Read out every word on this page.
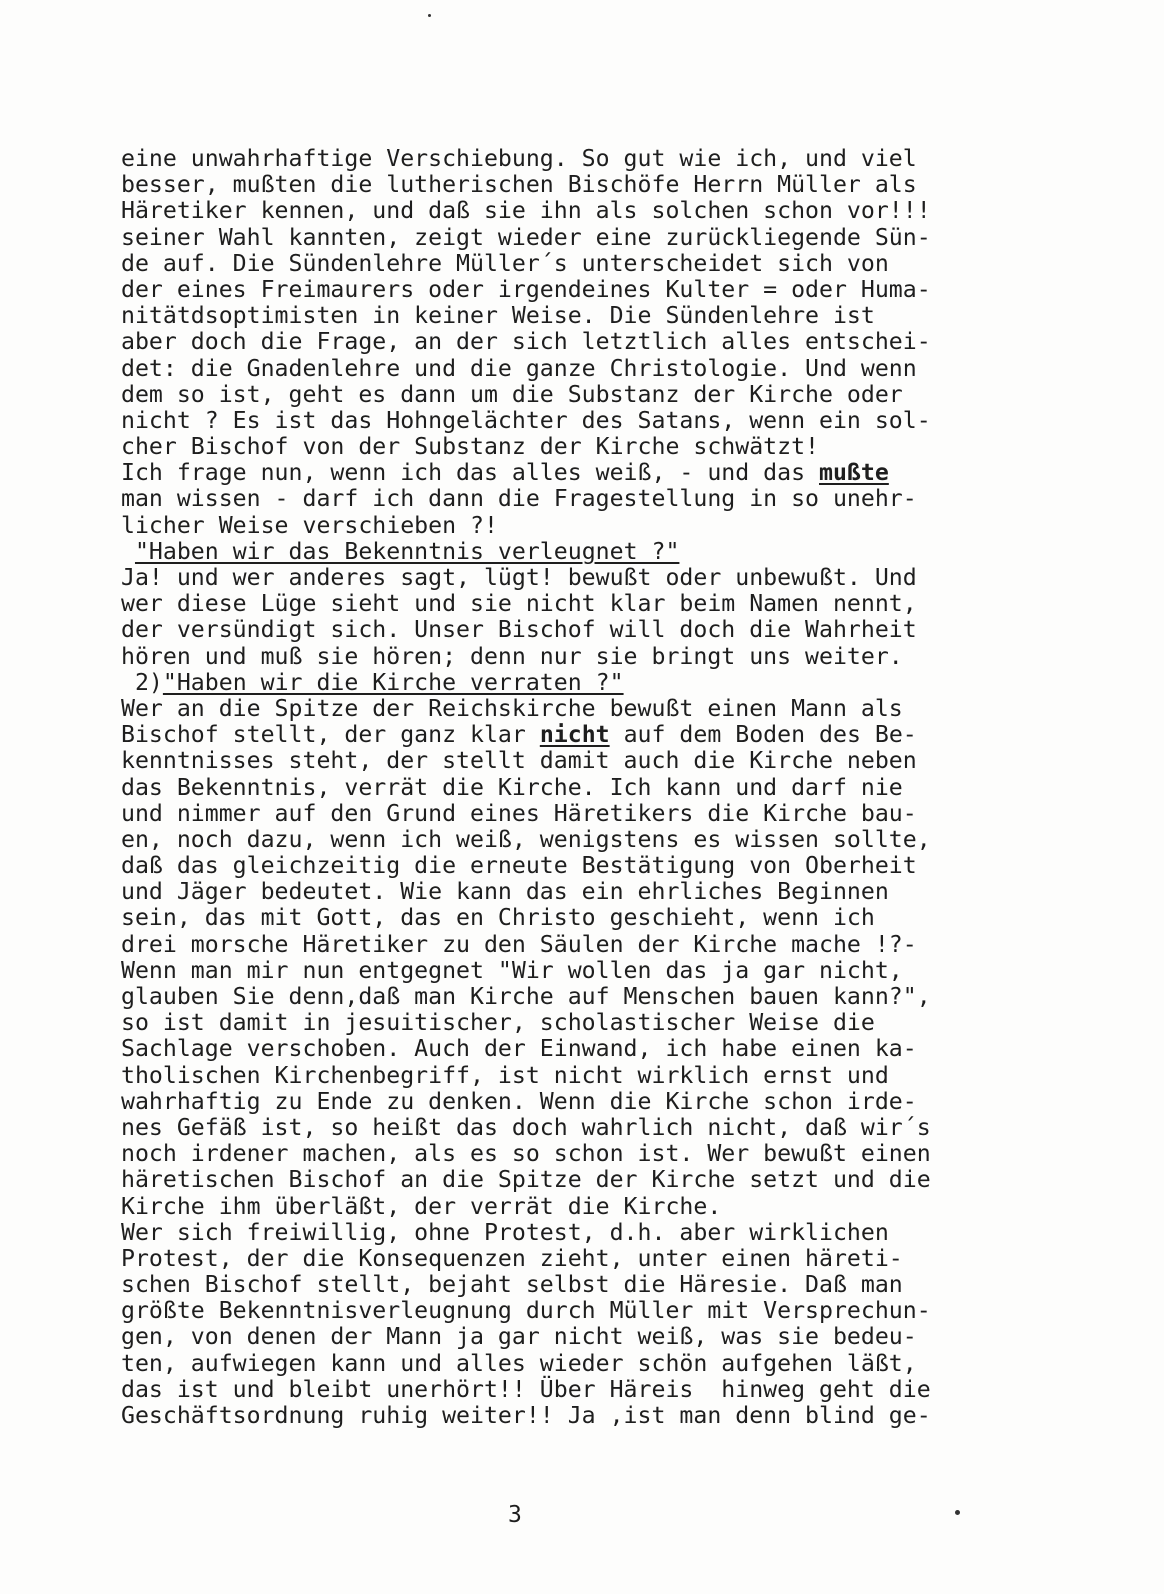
eine unwahrhaftige Verschiebung. So gut wie ich, und viel
besser, mußten die lutherischen Bischöfe Herrn Müller als
Häretiker kennen, und daß sie ihn als solchen schon vor!!!
seiner Wahl kannten, zeigt wieder eine zurückliegende Sün-
de auf. Die Sündenlehre Müller´s unterscheidet sich von
der eines Freimaurers oder irgendeines Kulter = oder Huma-
nitätdsoptimisten in keiner Weise. Die Sündenlehre ist
aber doch die Frage, an der sich letztlich alles entschei-
det: die Gnadenlehre und die ganze Christologie. Und wenn
dem so ist, geht es dann um die Substanz der Kirche oder
nicht ? Es ist das Hohngelächter des Satans, wenn ein sol-
cher Bischof von der Substanz der Kirche schwätzt!
Ich frage nun, wenn ich das alles weiß, - und das mußte
man wissen - darf ich dann die Fragestellung in so unehr-
licher Weise verschieben ?!
"Haben wir das Bekenntnis verleugnet ?"
Ja! und wer anderes sagt, lügt! bewußt oder unbewußt. Und
wer diese Lüge sieht und sie nicht klar beim Namen nennt,
der versündigt sich. Unser Bischof will doch die Wahrheit
hören und muß sie hören; denn nur sie bringt uns weiter.
2)"Haben wir die Kirche verraten ?"
Wer an die Spitze der Reichskirche bewußt einen Mann als
Bischof stellt, der ganz klar nicht auf dem Boden des Be-
kenntnisses steht, der stellt damit auch die Kirche neben
das Bekenntnis, verrät die Kirche. Ich kann und darf nie
und nimmer auf den Grund eines Häretikers die Kirche bau-
en, noch dazu, wenn ich weiß, wenigstens es wissen sollte,
daß das gleichzeitig die erneute Bestätigung von Oberheit
und Jäger bedeutet. Wie kann das ein ehrliches Beginnen
sein, das mit Gott, das en Christo geschieht, wenn ich
drei morsche Häretiker zu den Säulen der Kirche mache !?-
Wenn man mir nun entgegnet "Wir wollen das ja gar nicht,
glauben Sie denn,daß man Kirche auf Menschen bauen kann?",
so ist damit in jesuitischer, scholastischer Weise die
Sachlage verschoben. Auch der Einwand, ich habe einen ka-
tholischen Kirchenbegriff, ist nicht wirklich ernst und
wahrhaftig zu Ende zu denken. Wenn die Kirche schon irde-
nes Gefäß ist, so heißt das doch wahrlich nicht, daß wir´s
noch irdener machen, als es so schon ist. Wer bewußt einen
häretischen Bischof an die Spitze der Kirche setzt und die
Kirche ihm überläßt, der verrät die Kirche.
Wer sich freiwillig, ohne Protest, d.h. aber wirklichen
Protest, der die Konsequenzen zieht, unter einen häreti-
schen Bischof stellt, bejaht selbst die Häresie. Daß man
größte Bekenntnisverleugnung durch Müller mit Versprechun-
gen, von denen der Mann ja gar nicht weiß, was sie bedeu-
ten, aufwiegen kann und alles wieder schön aufgehen läßt,
das ist und bleibt unerhört!! Über Häreis  hinweg geht die
Geschäftsordnung ruhig weiter!! Ja ,ist man denn blind ge-
3
